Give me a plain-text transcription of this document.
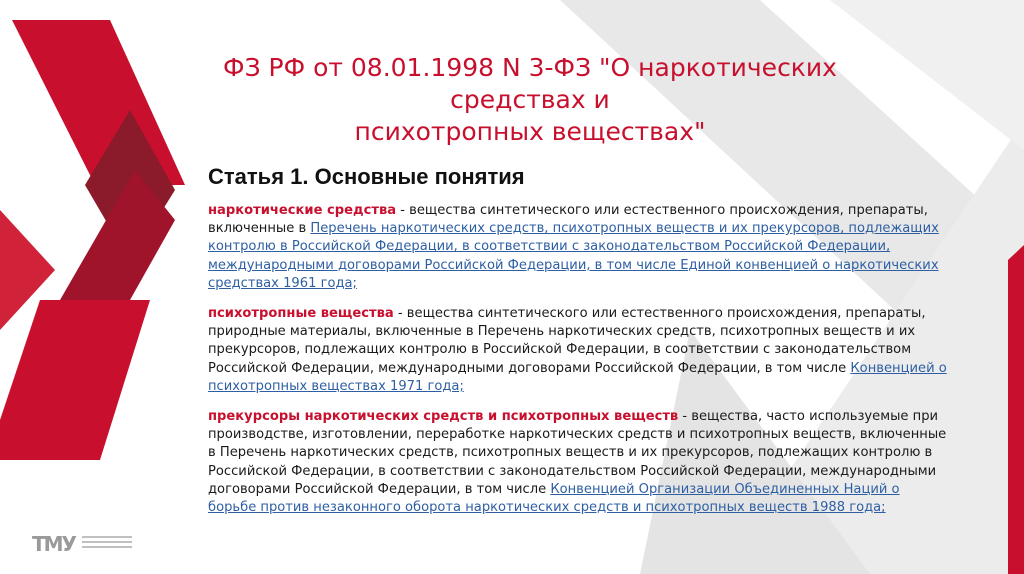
ФЗ РФ от 08.01.1998 N 3-ФЗ "О наркотических средствах и
психотропных веществах"
Статья 1. Основные понятия

наркотические средства - вещества синтетического или естественного происхождения, препараты, включенные в Перечень наркотических средств, психотропных веществ и их прекурсоров, подлежащих контролю в Российской Федерации, в соответствии с законодательством Российской Федерации, международными договорами Российской Федерации, в том числе Единой конвенцией о наркотических средствах 1961 года;

психотропные вещества - вещества синтетического или естественного происхождения, препараты, природные материалы, включенные в Перечень наркотических средств, психотропных веществ и их прекурсоров, подлежащих контролю в Российской Федерации, в соответствии с законодательством Российской Федерации, международными договорами Российской Федерации, в том числе Конвенцией о психотропных веществах 1971 года;

прекурсоры наркотических средств и психотропных веществ - вещества, часто используемые при производстве, изготовлении, переработке наркотических средств и психотропных веществ, включенные в Перечень наркотических средств, психотропных веществ и их прекурсоров, подлежащих контролю в Российской Федерации, в соответствии с законодательством Российской Федерации, международными договорами Российской Федерации, в том числе Конвенцией Организации Объединенных Наций о борьбе против незаконного оборота наркотических средств и психотропных веществ 1988 года;

ТМУ
